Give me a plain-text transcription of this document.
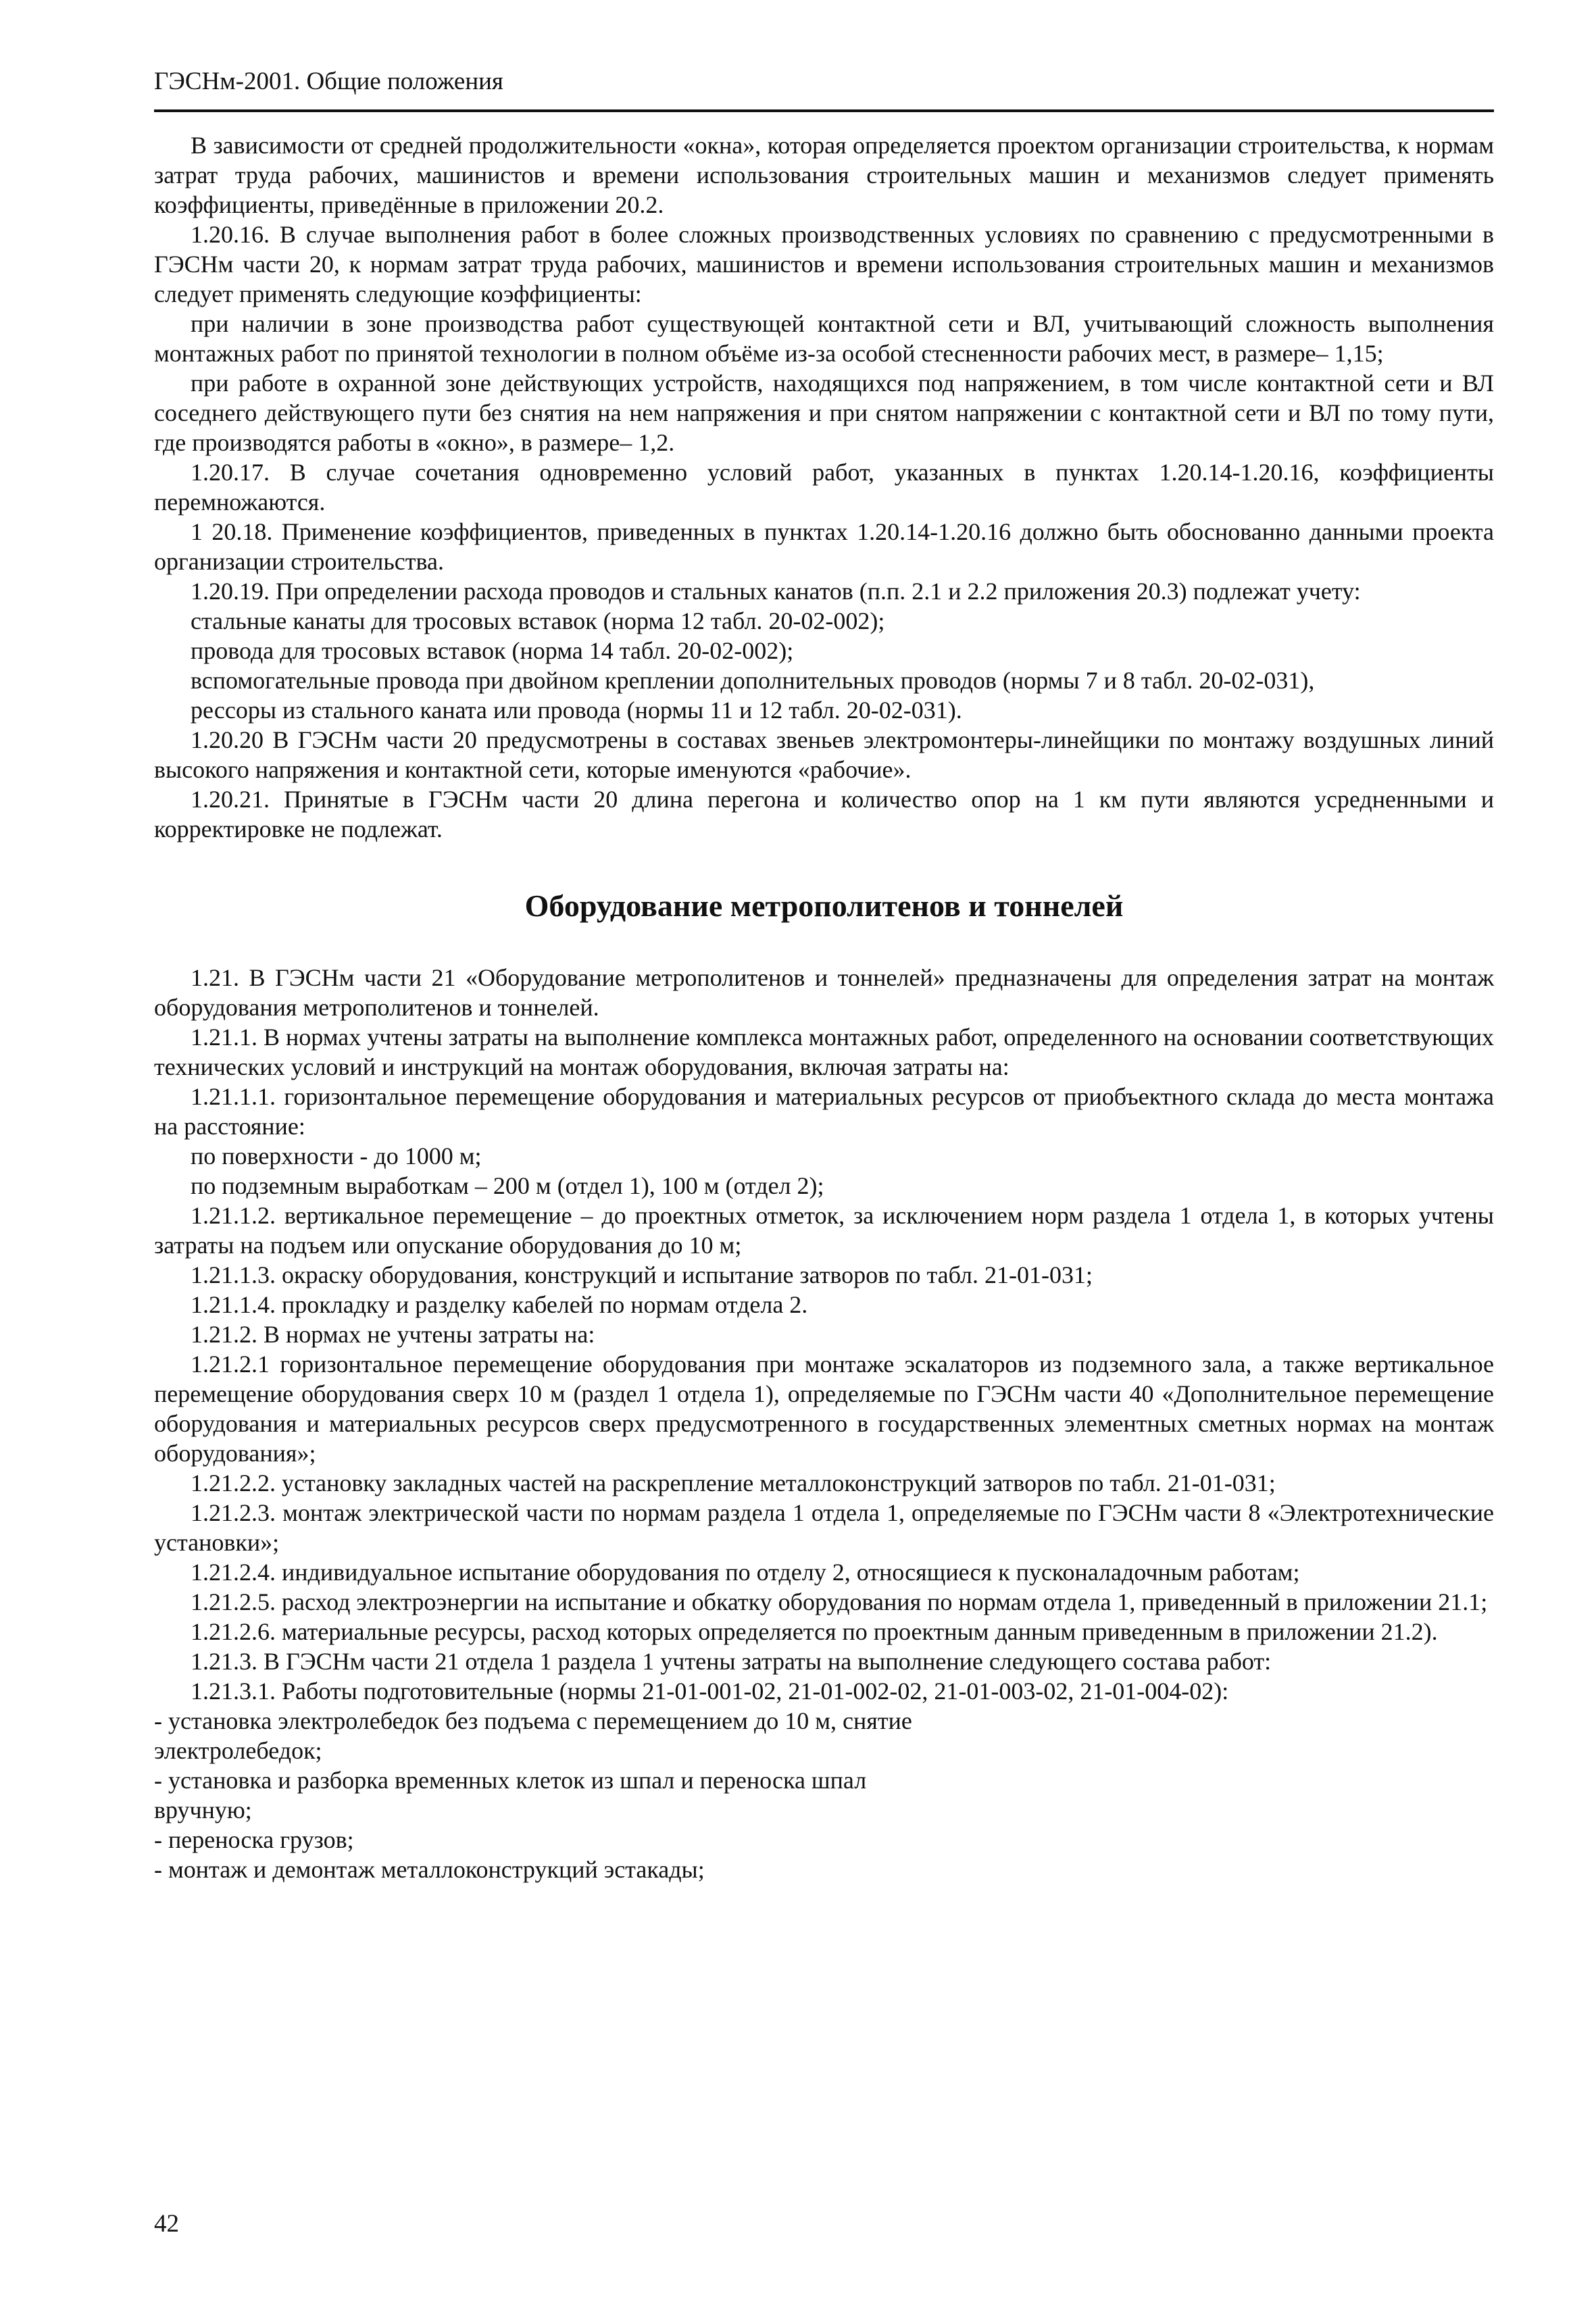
ГЭСНм-2001. Общие положения

В зависимости от средней продолжительности «окна», которая определяется проектом организации строительства, к нормам затрат труда рабочих, машинистов и времени использования строительных машин и механизмов следует применять коэффициенты, приведённые в приложении 20.2.

1.20.16. В случае выполнения работ в более сложных производственных условиях по сравнению с предусмотренными в ГЭСНм части 20, к нормам затрат труда рабочих, машинистов и времени использования строительных машин и механизмов следует применять следующие коэффициенты:

при наличии в зоне производства работ существующей контактной сети и ВЛ, учитывающий сложность выполнения монтажных работ по принятой технологии в полном объёме из-за особой стесненности рабочих мест, в размере– 1,15;

при работе в охранной зоне действующих устройств, находящихся под напряжением, в том числе контактной сети и ВЛ соседнего действующего пути без снятия на нем напряжения и при снятом напряжении с контактной сети и ВЛ по тому пути, где производятся работы в «окно», в размере– 1,2.

1.20.17. В случае сочетания одновременно условий работ, указанных в пунктах 1.20.14-1.20.16, коэффициенты перемножаются.

1 20.18. Применение коэффициентов, приведенных в пунктах 1.20.14-1.20.16 должно быть обоснованно данными проекта организации строительства.

1.20.19. При определении расхода проводов и стальных канатов (п.п. 2.1 и 2.2 приложения 20.3) подлежат учету:

стальные канаты для тросовых вставок (норма 12 табл. 20-02-002);

провода для тросовых вставок (норма 14 табл. 20-02-002);

вспомогательные провода при двойном креплении дополнительных проводов (нормы 7 и 8 табл. 20-02-031),

рессоры из стального каната или провода (нормы 11 и 12 табл. 20-02-031).

1.20.20 В ГЭСНм части 20 предусмотрены в составах звеньев электромонтеры-линейщики по монтажу воздушных линий высокого напряжения и контактной сети, которые именуются «рабочие».

1.20.21. Принятые в ГЭСНм части 20 длина перегона и количество опор на 1 км пути являются усредненными и корректировке не подлежат.

Оборудование метрополитенов и тоннелей

1.21. В ГЭСНм части 21 «Оборудование метрополитенов и тоннелей» предназначены для определения затрат на монтаж оборудования метрополитенов и тоннелей.

1.21.1. В нормах учтены затраты на выполнение комплекса монтажных работ, определенного на основании соответствующих технических условий и инструкций на монтаж оборудования, включая затраты на:

1.21.1.1. горизонтальное перемещение оборудования и материальных ресурсов от приобъектного склада до места монтажа на расстояние:

по поверхности - до 1000 м;

по подземным выработкам – 200 м (отдел 1), 100 м (отдел 2);

1.21.1.2. вертикальное перемещение – до проектных отметок, за исключением норм раздела 1 отдела 1, в которых учтены затраты на подъем или опускание оборудования до 10 м;

1.21.1.3. окраску оборудования, конструкций и испытание затворов по табл. 21-01-031;

1.21.1.4. прокладку и разделку кабелей по нормам отдела 2.

1.21.2. В нормах не учтены затраты на:

1.21.2.1 горизонтальное перемещение оборудования при монтаже эскалаторов из подземного зала, а также вертикальное перемещение оборудования сверх 10 м (раздел 1 отдела 1), определяемые по ГЭСНм части 40 «Дополнительное перемещение оборудования и материальных ресурсов сверх предусмотренного в государственных элементных сметных нормах на монтаж оборудования»;

1.21.2.2. установку закладных частей на раскрепление металлоконструкций затворов по табл. 21-01-031;

1.21.2.3. монтаж электрической части по нормам раздела 1 отдела 1, определяемые по ГЭСНм части 8 «Электротехнические установки»;

1.21.2.4. индивидуальное испытание оборудования по отделу 2, относящиеся к пусконаладочным работам;

1.21.2.5. расход электроэнергии на испытание и обкатку оборудования по нормам отдела 1, приведенный в приложении 21.1;

1.21.2.6. материальные ресурсы, расход которых определяется по проектным данным приведенным в приложении 21.2).

1.21.3. В ГЭСНм части 21 отдела 1 раздела 1 учтены затраты на выполнение следующего состава работ:

1.21.3.1. Работы подготовительные (нормы 21-01-001-02, 21-01-002-02, 21-01-003-02, 21-01-004-02):

- установка электролебедок без подъема с перемещением до 10 м, снятие

электролебедок;

- установка и разборка временных клеток из шпал и переноска шпал

вручную;

- переноска грузов;

- монтаж и демонтаж металлоконструкций эстакады;

42
